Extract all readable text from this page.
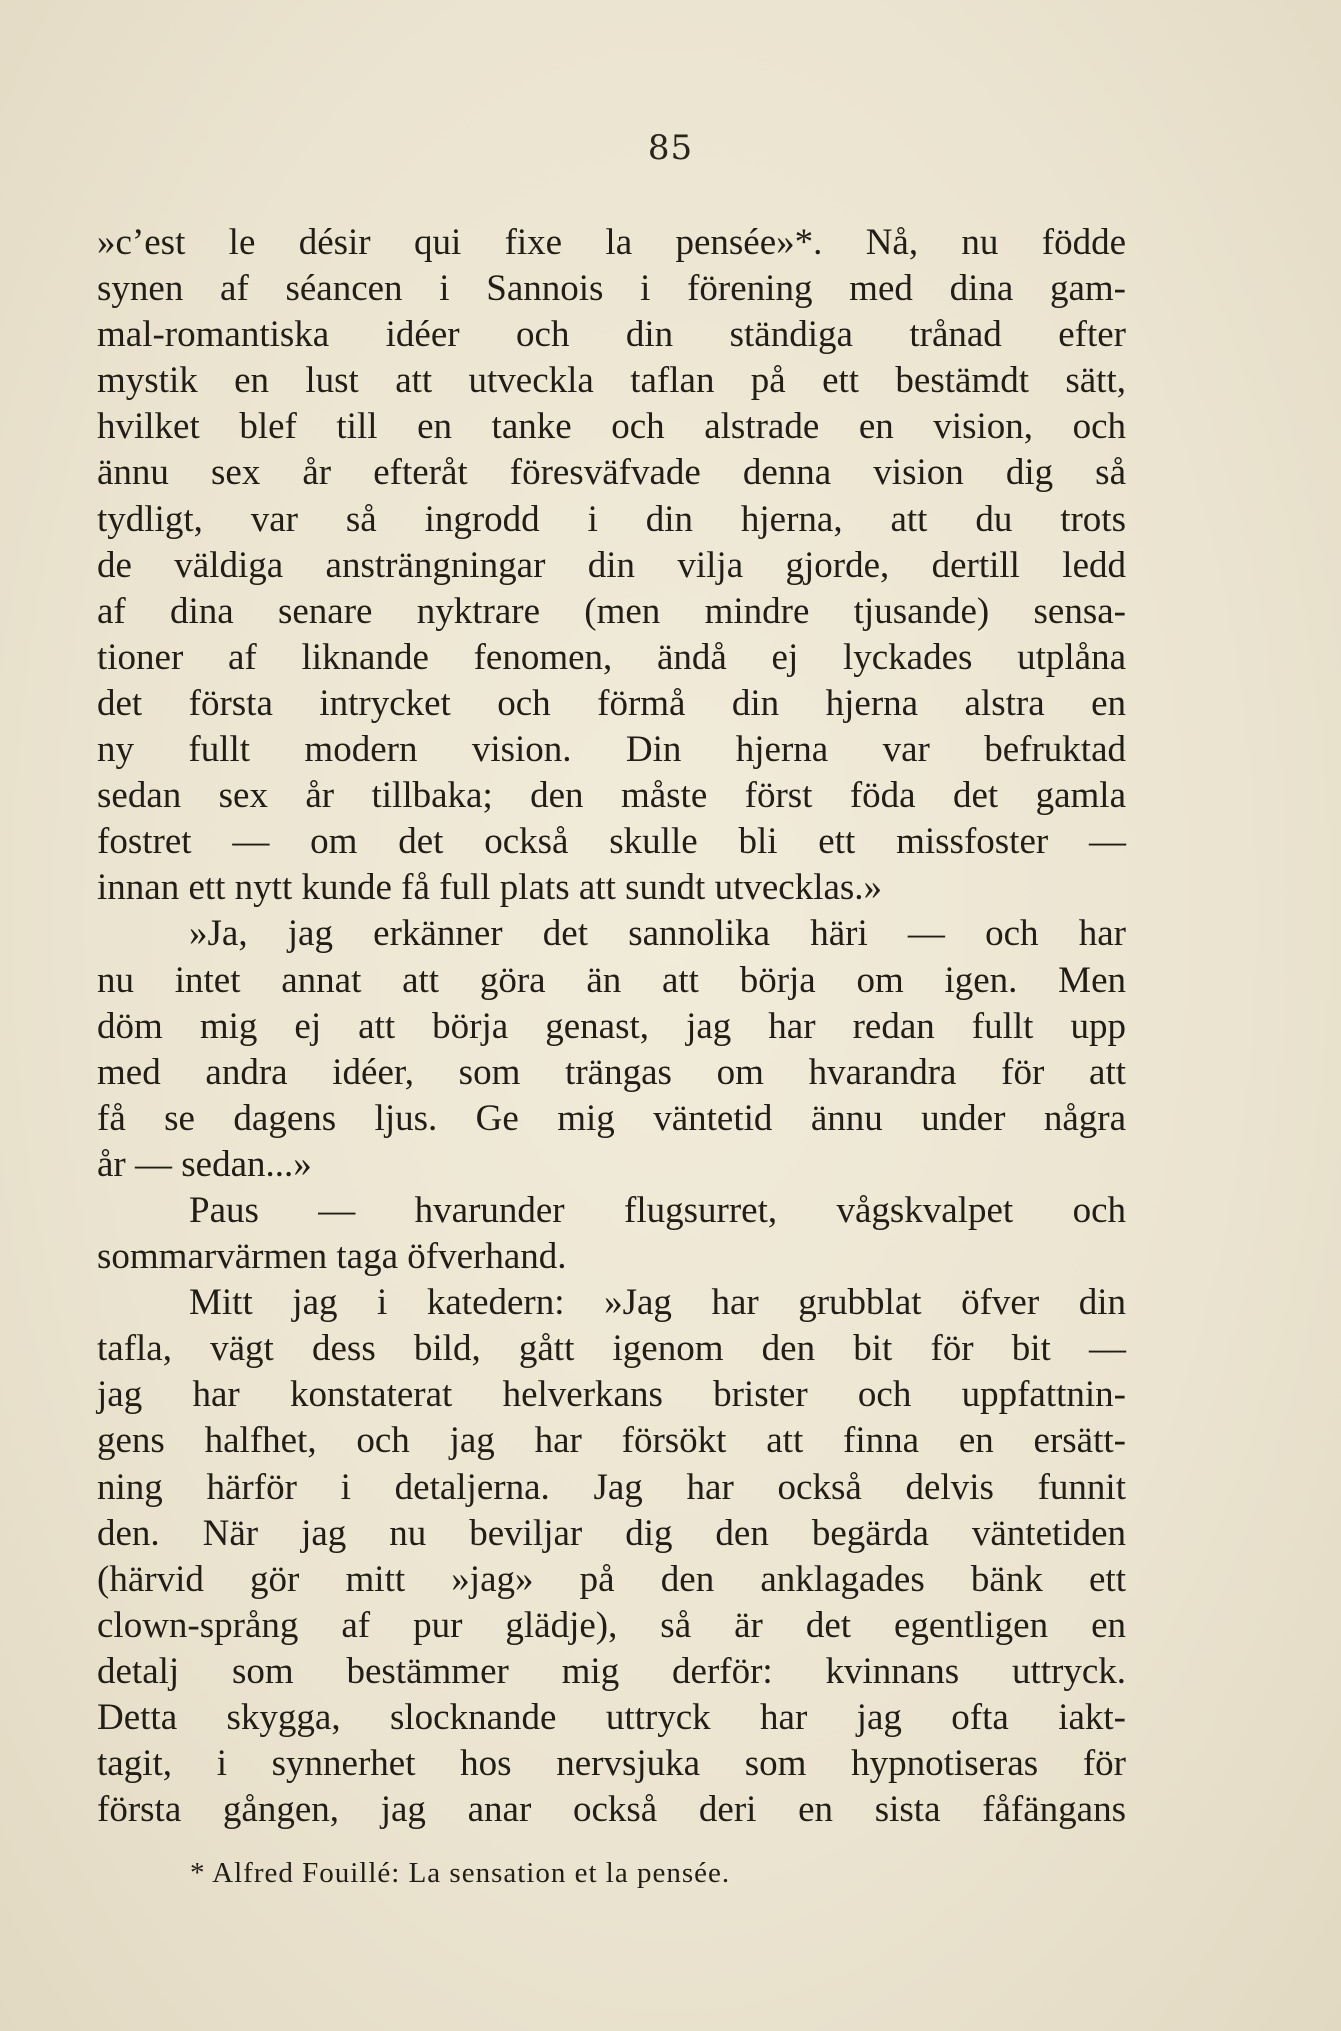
85
»c’est le désir qui fixe la pensée»*. Nå, nu födde
synen af séancen i Sannois i förening med dina gam-
mal-romantiska idéer och din ständiga trånad efter
mystik en lust att utveckla taflan på ett bestämdt sätt,
hvilket blef till en tanke och alstrade en vision, och
ännu sex år efteråt föresväfvade denna vision dig så
tydligt, var så ingrodd i din hjerna, att du trots
de väldiga ansträngningar din vilja gjorde, dertill ledd
af dina senare nyktrare (men mindre tjusande) sensa-
tioner af liknande fenomen, ändå ej lyckades utplåna
det första intrycket och förmå din hjerna alstra en
ny fullt modern vision. Din hjerna var befruktad
sedan sex år tillbaka; den måste först föda det gamla
fostret — om det också skulle bli ett missfoster —
innan ett nytt kunde få full plats att sundt utvecklas.»
»Ja, jag erkänner det sannolika häri — och har
nu intet annat att göra än att börja om igen. Men
döm mig ej att börja genast, jag har redan fullt upp
med andra idéer, som trängas om hvarandra för att
få se dagens ljus. Ge mig väntetid ännu under några
år — sedan...»
Paus — hvarunder flugsurret, vågskvalpet och
sommarvärmen taga öfverhand.
Mitt jag i katedern: »Jag har grubblat öfver din
tafla, vägt dess bild, gått igenom den bit för bit —
jag har konstaterat helverkans brister och uppfattnin-
gens halfhet, och jag har försökt att finna en ersätt-
ning härför i detaljerna. Jag har också delvis funnit
den. När jag nu beviljar dig den begärda väntetiden
(härvid gör mitt »jag» på den anklagades bänk ett
clown-språng af pur glädje), så är det egentligen en
detalj som bestämmer mig derför: kvinnans uttryck.
Detta skygga, slocknande uttryck har jag ofta iakt-
tagit, i synnerhet hos nervsjuka som hypnotiseras för
första gången, jag anar också deri en sista fåfängans
* Alfred Fouillé: La sensation et la pensée.
